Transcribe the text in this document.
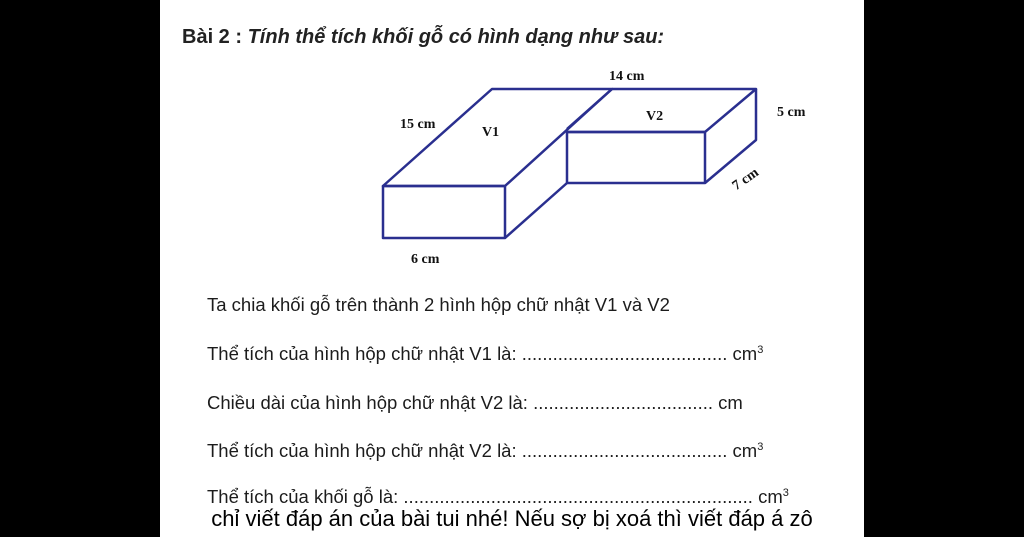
Bài 2 : Tính thể tích khối gỗ có hình dạng như sau:
14 cm
5 cm
7 cm
15 cm
6 cm
V1
V2
Ta chia khối gỗ trên thành 2 hình hộp chữ nhật V1 và V2
Thể tích của hình hộp chữ nhật V1 là: ........................................ $cm^3$
Chiều dài của hình hộp chữ nhật V2 là: ................................... cm
Thể tích của hình hộp chữ nhật V2 là: ........................................ $cm^3$
Thể tích của khối gỗ là: .................................................................... $cm^3$
chỉ viết đáp án của bài tui nhé! Nếu sợ bị xoá thì viết đáp á zô
